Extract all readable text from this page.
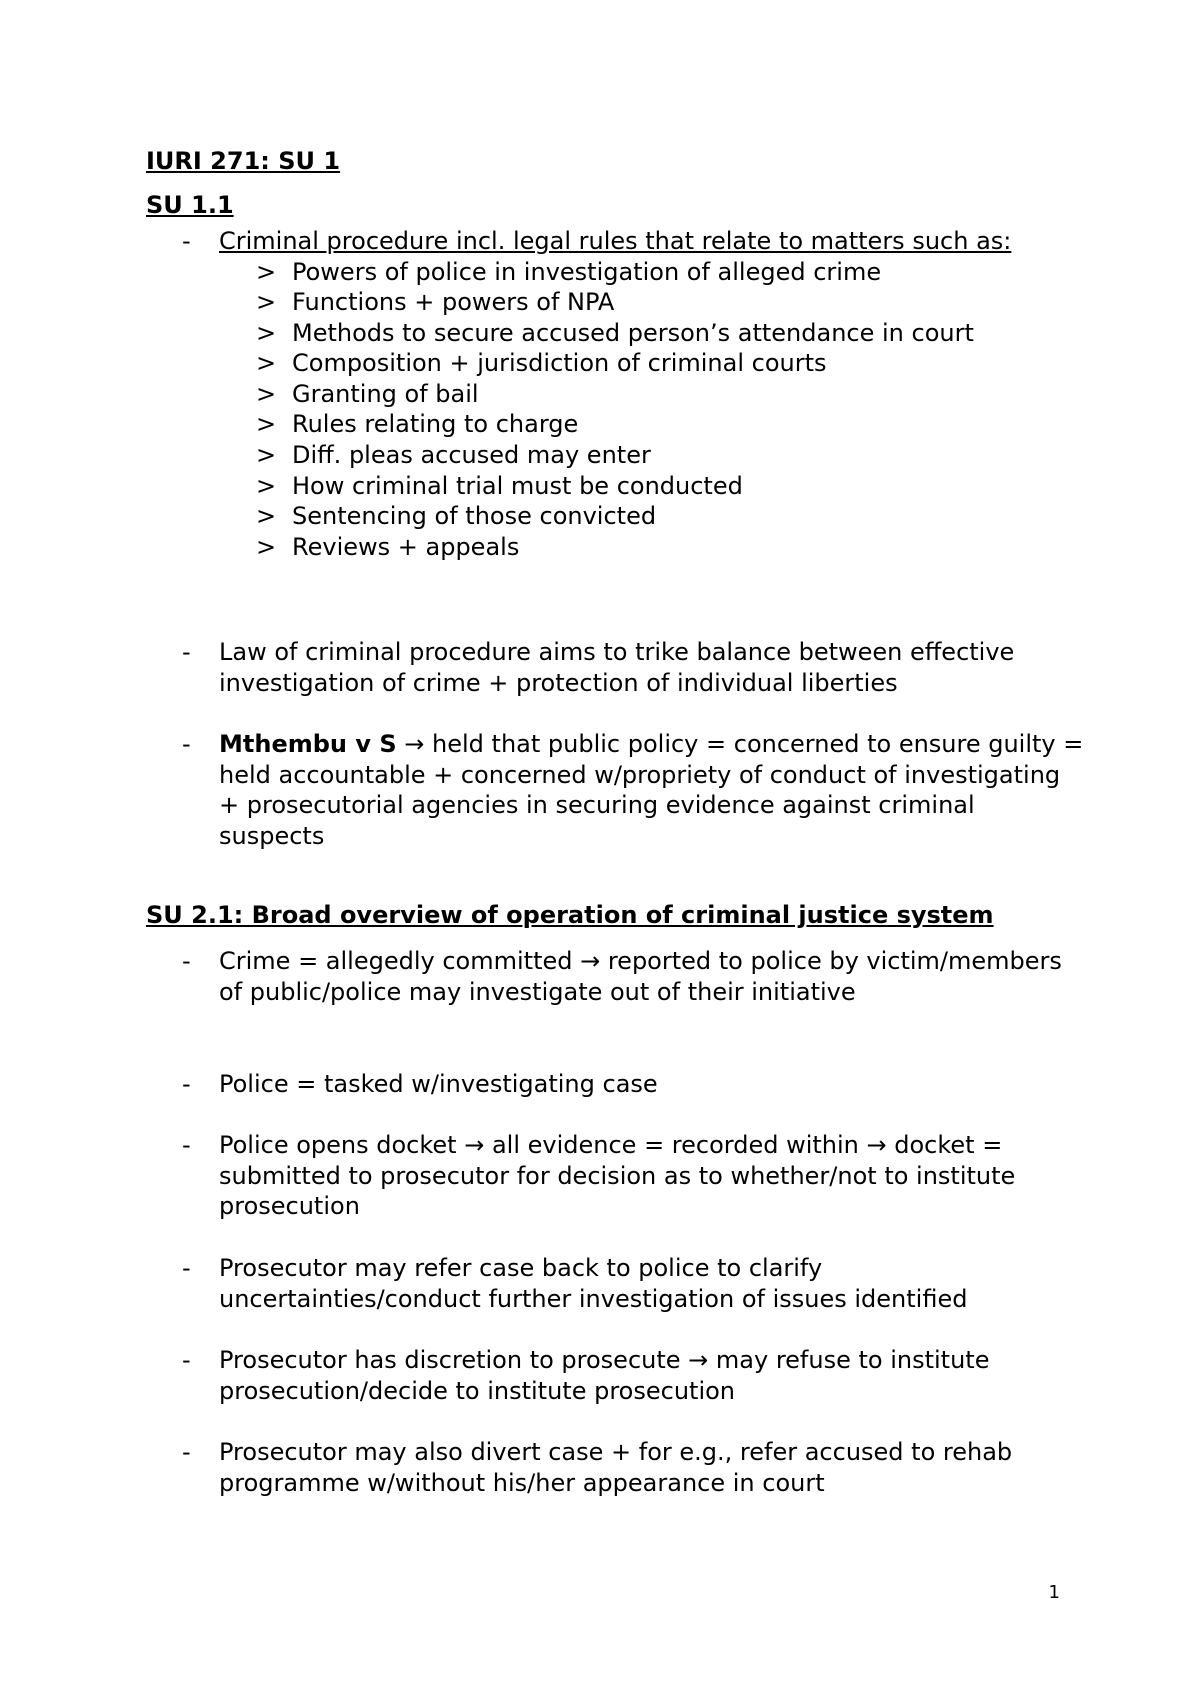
IURI 271: SU 1
SU 1.1
- Criminal procedure incl. legal rules that relate to matters such as:
> Powers of police in investigation of alleged crime
> Functions + powers of NPA
> Methods to secure accused person’s attendance in court
> Composition + jurisdiction of criminal courts
> Granting of bail
> Rules relating to charge
> Diff. pleas accused may enter
> How criminal trial must be conducted
> Sentencing of those convicted
> Reviews + appeals
- Law of criminal procedure aims to trike balance between effective investigation of crime + protection of individual liberties
- Mthembu v S → held that public policy = concerned to ensure guilty = held accountable + concerned w/propriety of conduct of investigating + prosecutorial agencies in securing evidence against criminal suspects
SU 2.1: Broad overview of operation of criminal justice system
- Crime = allegedly committed → reported to police by victim/members of public/police may investigate out of their initiative
- Police = tasked w/investigating case
- Police opens docket → all evidence = recorded within → docket = submitted to prosecutor for decision as to whether/not to institute prosecution
- Prosecutor may refer case back to police to clarify uncertainties/conduct further investigation of issues identified
- Prosecutor has discretion to prosecute → may refuse to institute prosecution/decide to institute prosecution
- Prosecutor may also divert case + for e.g., refer accused to rehab programme w/without his/her appearance in court
1
